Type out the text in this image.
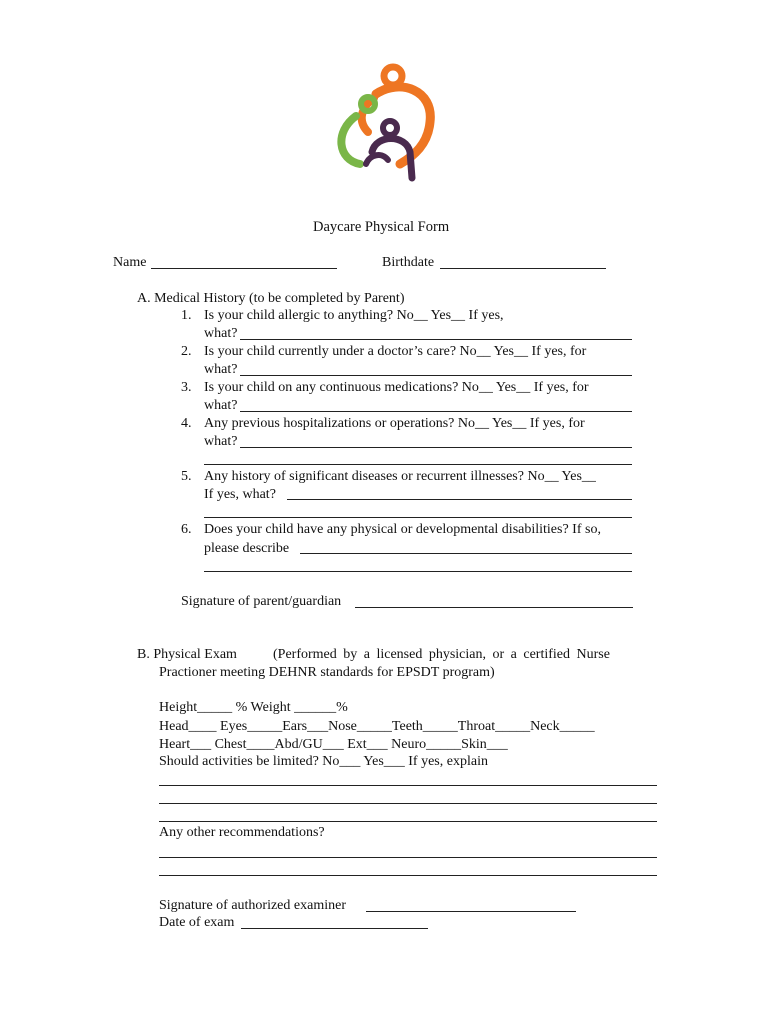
Daycare Physical Form
Name	Birthdate
A. Medical History (to be completed by Parent)
1. Is your child allergic to anything? No__ Yes__ If yes,
what?
2. Is your child currently under a doctor’s care? No__ Yes__ If yes, for
what?
3. Is your child on any continuous medications? No__ Yes__ If yes, for
what?
4. Any previous hospitalizations or operations? No__ Yes__ If yes, for
what?
5. Any history of significant diseases or recurrent illnesses? No__ Yes__
If yes, what?
6. Does your child have any physical or developmental disabilities? If so,
please describe
Signature of parent/guardian
B. Physical Exam	(Performed by a licensed physician, or a certified Nurse
Practioner meeting DEHNR standards for EPSDT program)
Height_____ % Weight ______%
Head____ Eyes_____Ears___Nose_____Teeth_____Throat_____Neck_____
Heart___ Chest____Abd/GU___ Ext___ Neuro_____Skin___
Should activities be limited? No___ Yes___ If yes, explain
Any other recommendations?
Signature of authorized examiner
Date of exam
